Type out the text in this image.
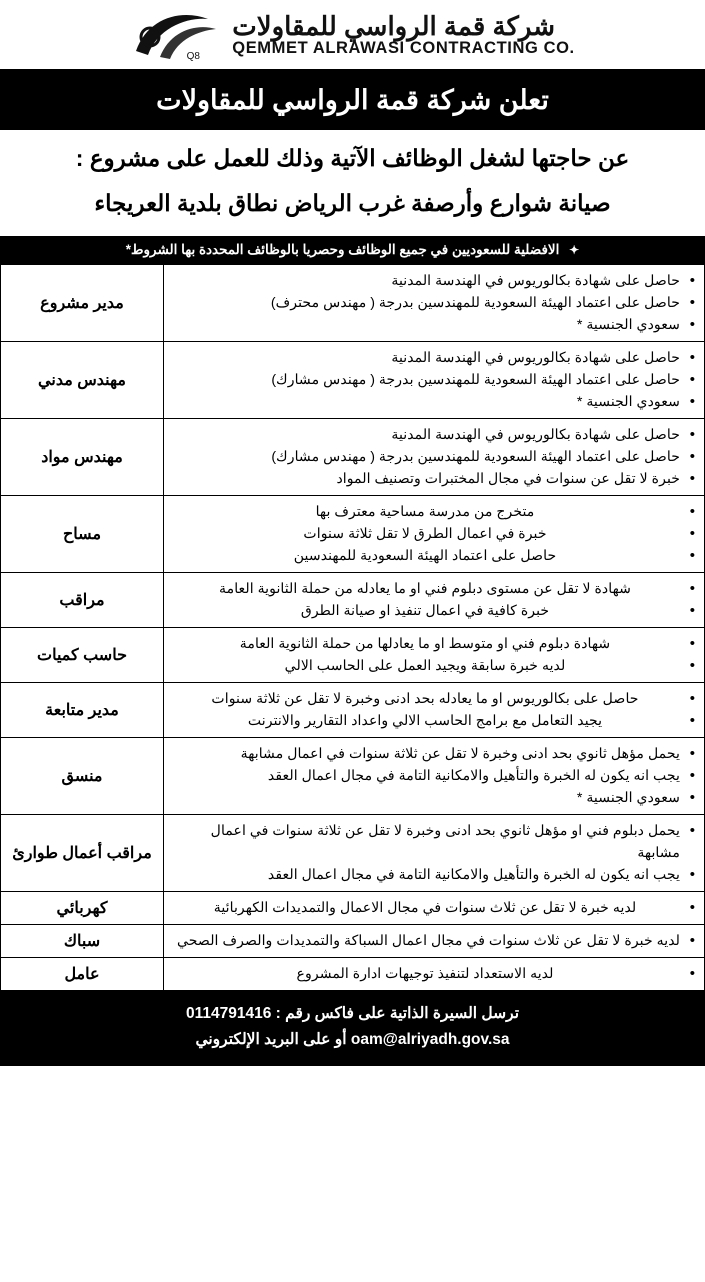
شركة قمة الرواسي للمقاولات
QEMMET ALRAWASI CONTRACTING CO.
Q8
تعلن شركة قمة الرواسي للمقاولات
عن حاجتها لشغل الوظائف الآتية وذلك للعمل على مشروع :
صيانة شوارع وأرصفة غرب الرياض نطاق بلدية العريجاء
✦ الافضلية للسعوديين في جميع الوظائف وحصريا بالوظائف المحددة بها الشروط*
• حاصل على شهادة بكالوريوس في الهندسة المدنية
• حاصل على اعتماد الهيئة السعودية للمهندسين بدرجة ( مهندس محترف)
• سعودي الجنسية *
	مدير مشروع

• حاصل على شهادة بكالوريوس في الهندسة المدنية
• حاصل على اعتماد الهيئة السعودية للمهندسين بدرجة ( مهندس مشارك)
• سعودي الجنسية *
	مهندس مدني

• حاصل على شهادة بكالوريوس في الهندسة المدنية
• حاصل على اعتماد الهيئة السعودية للمهندسين بدرجة ( مهندس مشارك)
• خبرة لا تقل عن سنوات في مجال المختبرات وتصنيف المواد
	مهندس مواد

• متخرج من مدرسة مساحية معترف بها
• خبرة في اعمال الطرق لا تقل ثلاثة سنوات
• حاصل على اعتماد الهيئة السعودية للمهندسين
	مساح

• شهادة لا تقل عن مستوى دبلوم فني او ما يعادله من حملة الثانوية العامة
• خبرة كافية في اعمال تنفيذ او صيانة الطرق
	مراقب

• شهادة دبلوم فني او متوسط او ما يعادلها من حملة الثانوية العامة
• لديه خبرة سابقة ويجيد العمل على الحاسب الالي
	حاسب كميات

• حاصل على بكالوريوس او ما يعادله بحد ادنى وخبرة لا تقل عن ثلاثة سنوات
• يجيد التعامل مع برامج الحاسب الالي واعداد التقارير والانترنت
	مدير متابعة

• يحمل مؤهل ثانوي بحد ادنى وخبرة لا تقل عن ثلاثة سنوات في اعمال مشابهة
• يجب انه يكون له الخبرة والتأهيل والامكانية التامة في مجال اعمال العقد
• سعودي الجنسية *
	منسق

• يحمل دبلوم فني او مؤهل ثانوي بحد ادنى وخبرة لا تقل عن ثلاثة سنوات في اعمال مشابهة
• يجب انه يكون له الخبرة والتأهيل والامكانية التامة في مجال اعمال العقد
	مراقب أعمال طوارئ

• لديه خبرة لا تقل عن ثلاث سنوات في مجال الاعمال والتمديدات الكهربائية
	كهربائي

• لديه خبرة لا تقل عن ثلاث سنوات في مجال اعمال السباكة والتمديدات والصرف الصحي
	سباك

• لديه الاستعداد لتنفيذ توجيهات ادارة المشروع
	عامل
ترسل السيرة الذاتية على فاكس رقم : 0114791416
oam@alriyadh.gov.sa أو على البريد الإلكتروني
